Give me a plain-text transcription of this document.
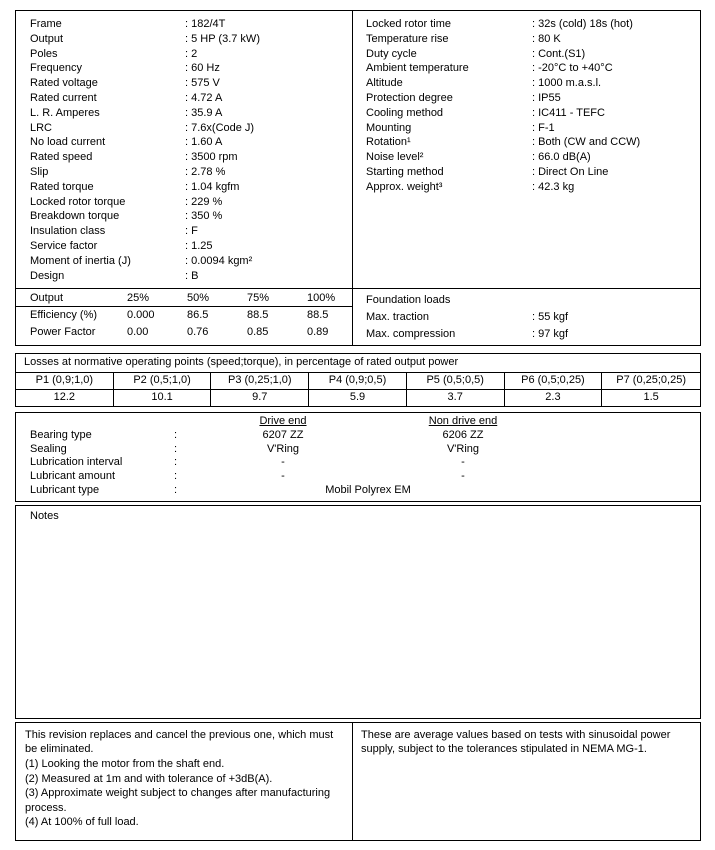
Frame	: 182/4T
Output	: 5 HP (3.7 kW)
Poles	: 2
Frequency	: 60 Hz
Rated voltage	: 575 V
Rated current	: 4.72 A
L. R. Amperes	: 35.9 A
LRC	: 7.6x(Code J)
No load current	: 1.60 A
Rated speed	: 3500 rpm
Slip	: 2.78 %
Rated torque	: 1.04 kgfm
Locked rotor torque	: 229 %
Breakdown torque	: 350 %
Insulation class	: F
Service factor	: 1.25
Moment of inertia (J)	: 0.0094 kgm²
Design	: B
Locked rotor time	: 32s (cold) 18s (hot)
Temperature rise	: 80 K
Duty cycle	: Cont.(S1)
Ambient temperature	: -20°C to +40°C
Altitude	: 1000 m.a.s.l.
Protection degree	: IP55
Cooling method	: IC411 - TEFC
Mounting	: F-1
Rotation¹	: Both (CW and CCW)
Noise level²	: 66.0 dB(A)
Starting method	: Direct On Line
Approx. weight³	: 42.3 kg
Output	25%	50%	75%	100%
Efficiency (%)	0.000	86.5	88.5	88.5
Power Factor	0.00	0.76	0.85	0.89
Foundation loads
Max. traction	: 55 kgf
Max. compression	: 97 kgf
Losses at normative operating points (speed;torque), in percentage of rated output power
P1 (0,9;1,0)	P2 (0,5;1,0)	P3 (0,25;1,0)	P4 (0,9;0,5)	P5 (0,5;0,5)	P6 (0,5;0,25)	P7 (0,25;0,25)
12.2	10.1	9.7	5.9	3.7	2.3	1.5
Drive end	Non drive end
Bearing type	:	6207 ZZ	6206 ZZ
Sealing	:	V'Ring	V'Ring
Lubrication interval	:	-	-
Lubricant amount	:	-	-
Lubricant type	:	Mobil Polyrex EM
Notes
This revision replaces and cancel the previous one, which must be eliminated.
(1) Looking the motor from the shaft end.
(2) Measured at 1m and with tolerance of +3dB(A).
(3) Approximate weight subject to changes after manufacturing process.
(4) At 100% of full load.
These are average values based on tests with sinusoidal power supply, subject to the tolerances stipulated in NEMA MG-1.
